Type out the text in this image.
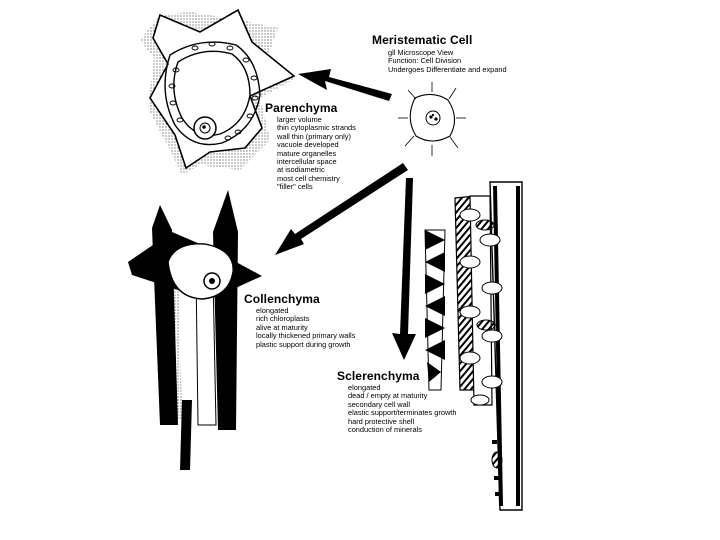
Meristematic Cell
gll Microscope View
Function: Cell Division
Undergoes Differentiate and expand
Parenchyma
larger volume
thin cytoplasmic strands
wall thin (primary only)
vacuole developed
mature organelles
intercellular space
at isodiametric
most cell chemistry
"filler" cells
Collenchyma
elongated
rich chloroplasts
alive at maturity
locally thickened primary walls
plastic support during growth
Sclerenchyma
elongated
dead / empty at maturity
secondary cell wall
elastic support/terminates growth
hard protective shell
conduction of minerals
